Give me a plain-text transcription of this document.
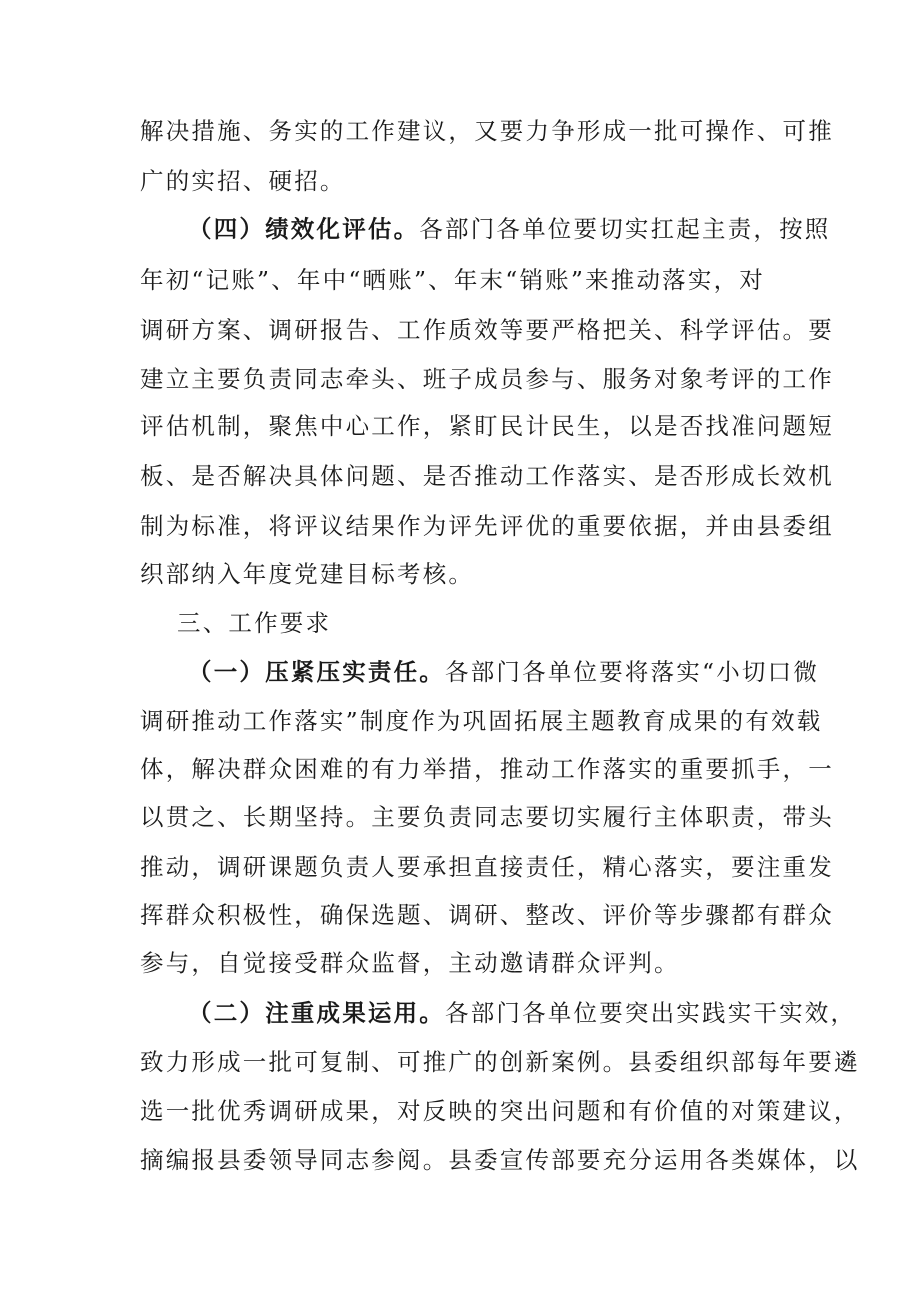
解决措施、务实的工作建议，又要力争形成一批可操作、可推

广的实招、硬招。

（四）绩效化评估。各部门各单位要切实扛起主责，按照

年初“记账”、年中“晒账”、年末“销账”来推动落实，对

调研方案、调研报告、工作质效等要严格把关、科学评估。要

建立主要负责同志牵头、班子成员参与、服务对象考评的工作

评估机制，聚焦中心工作，紧盯民计民生，以是否找准问题短

板、是否解决具体问题、是否推动工作落实、是否形成长效机

制为标准，将评议结果作为评先评优的重要依据，并由县委组

织部纳入年度党建目标考核。

三、工作要求

（一）压紧压实责任。各部门各单位要将落实“小切口微

调研推动工作落实”制度作为巩固拓展主题教育成果的有效载

体，解决群众困难的有力举措，推动工作落实的重要抓手，一

以贯之、长期坚持。主要负责同志要切实履行主体职责，带头

推动，调研课题负责人要承担直接责任，精心落实，要注重发

挥群众积极性，确保选题、调研、整改、评价等步骤都有群众

参与，自觉接受群众监督，主动邀请群众评判。

（二）注重成果运用。各部门各单位要突出实践实干实效，

致力形成一批可复制、可推广的创新案例。县委组织部每年要遴

选一批优秀调研成果，对反映的突出问题和有价值的对策建议，

摘编报县委领导同志参阅。县委宣传部要充分运用各类媒体，以
